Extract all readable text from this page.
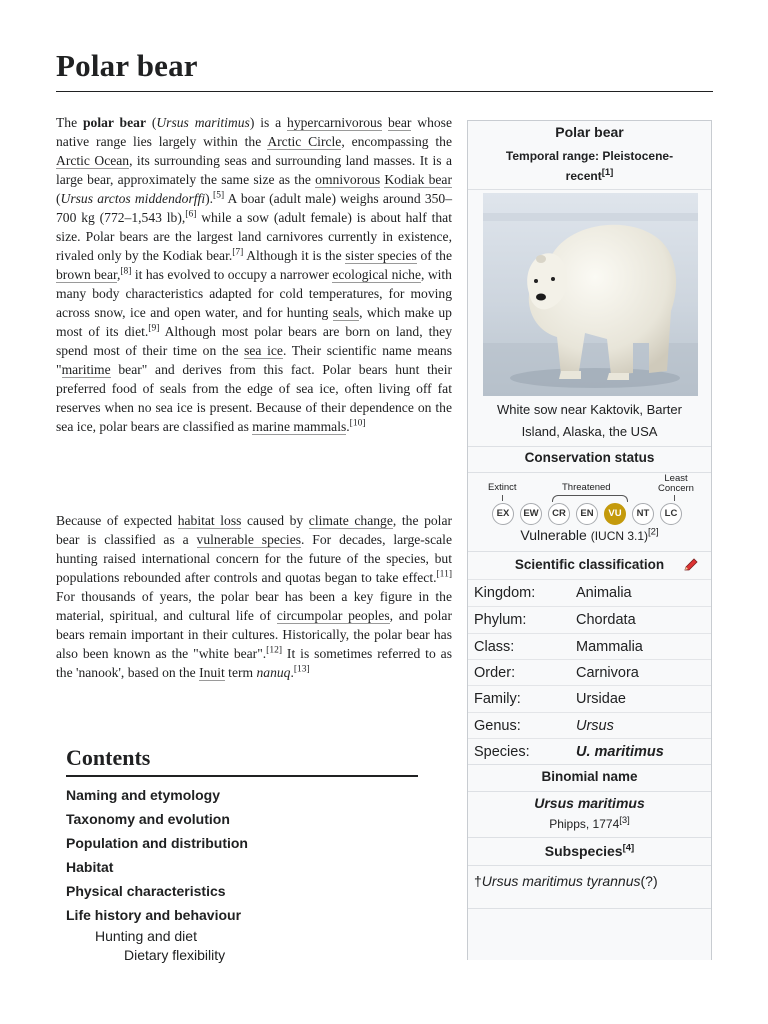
Polar bear

The polar bear (Ursus maritimus) is a hypercarnivorous bear whose native range lies largely within the Arctic Circle, encompassing the Arctic Ocean, its surrounding seas and surrounding land masses. It is a large bear, approximately the same size as the omnivorous Kodiak bear (Ursus arctos middendorffi).[5] A boar (adult male) weighs around 350–700 kg (772–1,543 lb),[6] while a sow (adult female) is about half that size. Polar bears are the largest land carnivores currently in existence, rivaled only by the Kodiak bear.[7] Although it is the sister species of the brown bear,[8] it has evolved to occupy a narrower ecological niche, with many body characteristics adapted for cold temperatures, for moving across snow, ice and open water, and for hunting seals, which make up most of its diet.[9] Although most polar bears are born on land, they spend most of their time on the sea ice. Their scientific name means "maritime bear" and derives from this fact. Polar bears hunt their preferred food of seals from the edge of sea ice, often living off fat reserves when no sea ice is present. Because of their dependence on the sea ice, polar bears are classified as marine mammals.[10]

Because of expected habitat loss caused by climate change, the polar bear is classified as a vulnerable species. For decades, large-scale hunting raised international concern for the future of the species, but populations rebounded after controls and quotas began to take effect.[11] For thousands of years, the polar bear has been a key figure in the material, spiritual, and cultural life of circumpolar peoples, and polar bears remain important in their cultures. Historically, the polar bear has also been known as the "white bear".[12] It is sometimes referred to as the 'nanook', based on the Inuit term nanuq.[13]

Contents
Naming and etymology
Taxonomy and evolution
Population and distribution
Habitat
Physical characteristics
Life history and behaviour
Hunting and diet
Dietary flexibility
Polar bear
Temporal range: Pleistocene-
recent[1]
White sow near Kaktovik, Barter
Island, Alaska, the USA
Conservation status
Extinct	Threatened
Least
Concern
EX	EW	CR	EN	VU	NT	LC
Vulnerable (IUCN 3.1)[2]
Scientific classification
Kingdom:	Animalia
Phylum:	Chordata
Class:	Mammalia
Order:	Carnivora
Family:	Ursidae
Genus:	Ursus
Species:	U. maritimus
Binomial name
Ursus maritimus
Phipps, 1774[3]
Subspecies[4]
†Ursus maritimus tyrannus(?)
